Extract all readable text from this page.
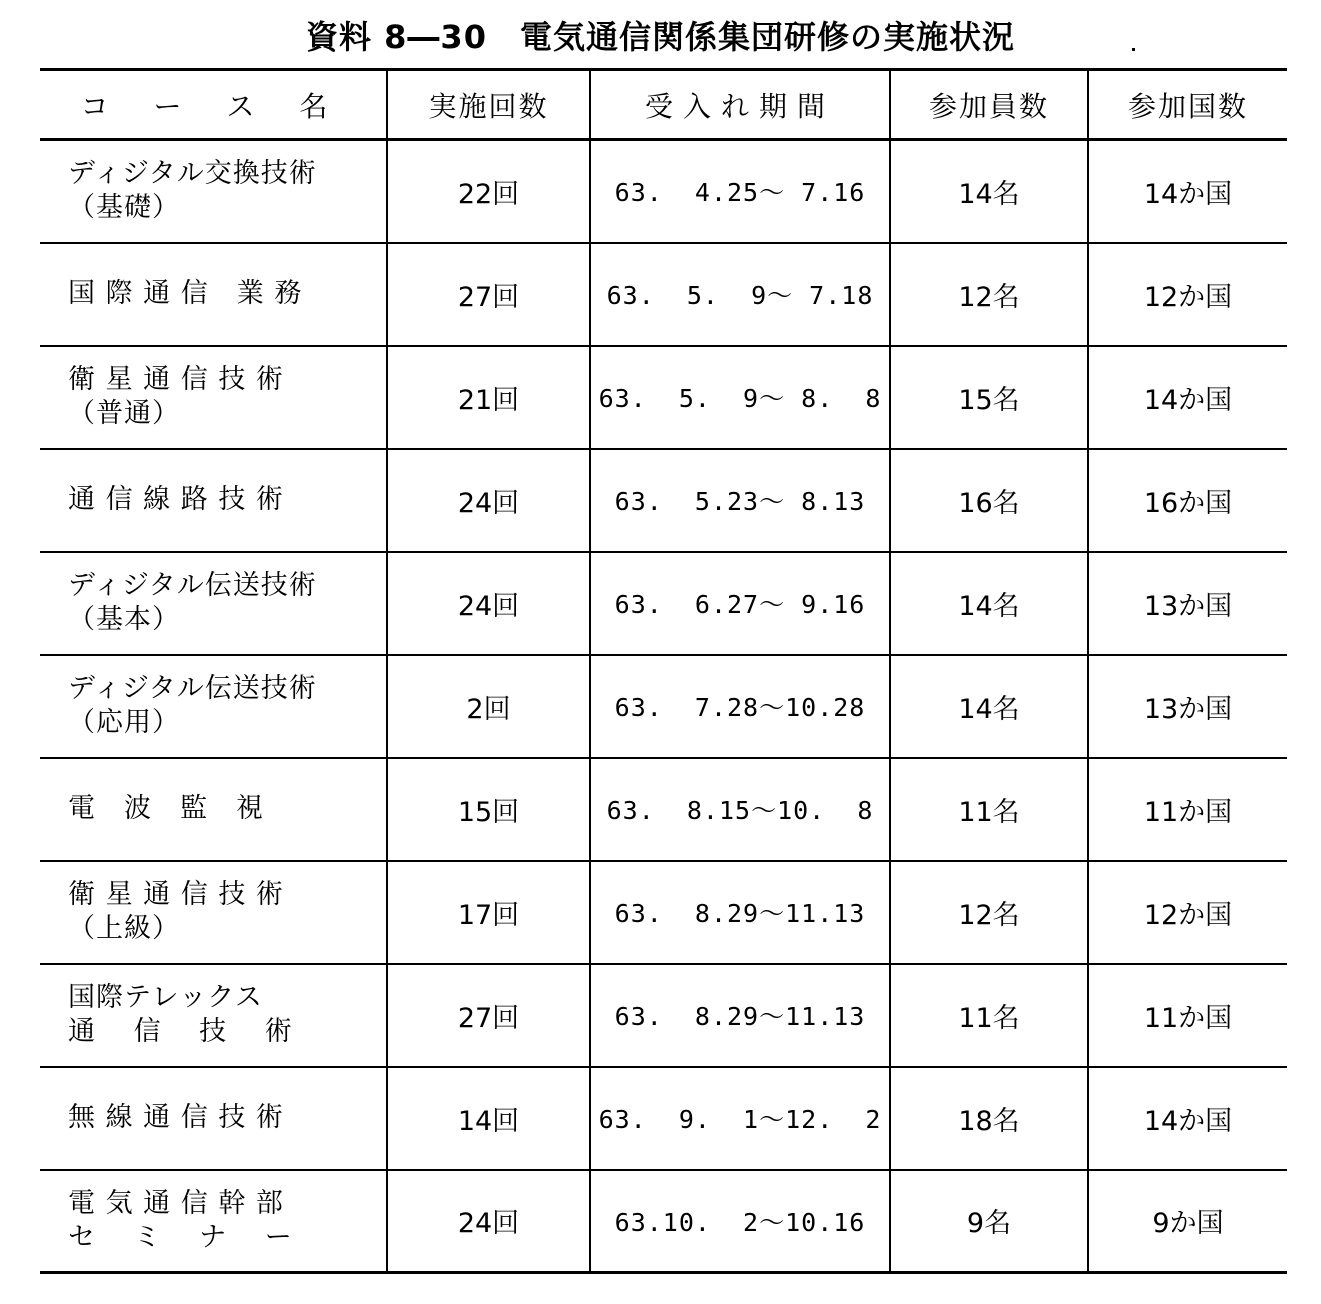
資料 8―30　電気通信関係集団研修の実施状況
コ ー ス 名	実施回数	受入れ期間	参加員数	参加国数

ディジタル交換技術
（基礎）	22回	63.  4.25〜 7.16	14名	14か国

国 際 通 信　業 務	27回	63.  5.  9〜 7.18	12名	12か国

衛 星 通 信 技 術
（普通）	21回	63.  5.  9〜 8.  8	15名	14か国

通 信 線 路 技 術	24回	63.  5.23〜 8.13	16名	16か国

ディジタル伝送技術
（基本）	24回	63.  6.27〜 9.16	14名	13か国

ディジタル伝送技術
（応用）	2回	63.  7.28〜10.28	14名	13か国

電　波　監　視	15回	63.  8.15〜10.  8	11名	11か国

衛 星 通 信 技 術
（上級）	17回	63.  8.29〜11.13	12名	12か国

国際テレックス
通　 信　 技　 術	27回	63.  8.29〜11.13	11名	11か国

無 線 通 信 技 術	14回	63.  9.  1〜12.  2	18名	14か国

電 気 通 信 幹 部
セ　 ミ　 ナ　 ー	24回	63.10.  2〜10.16	9名	9か国
